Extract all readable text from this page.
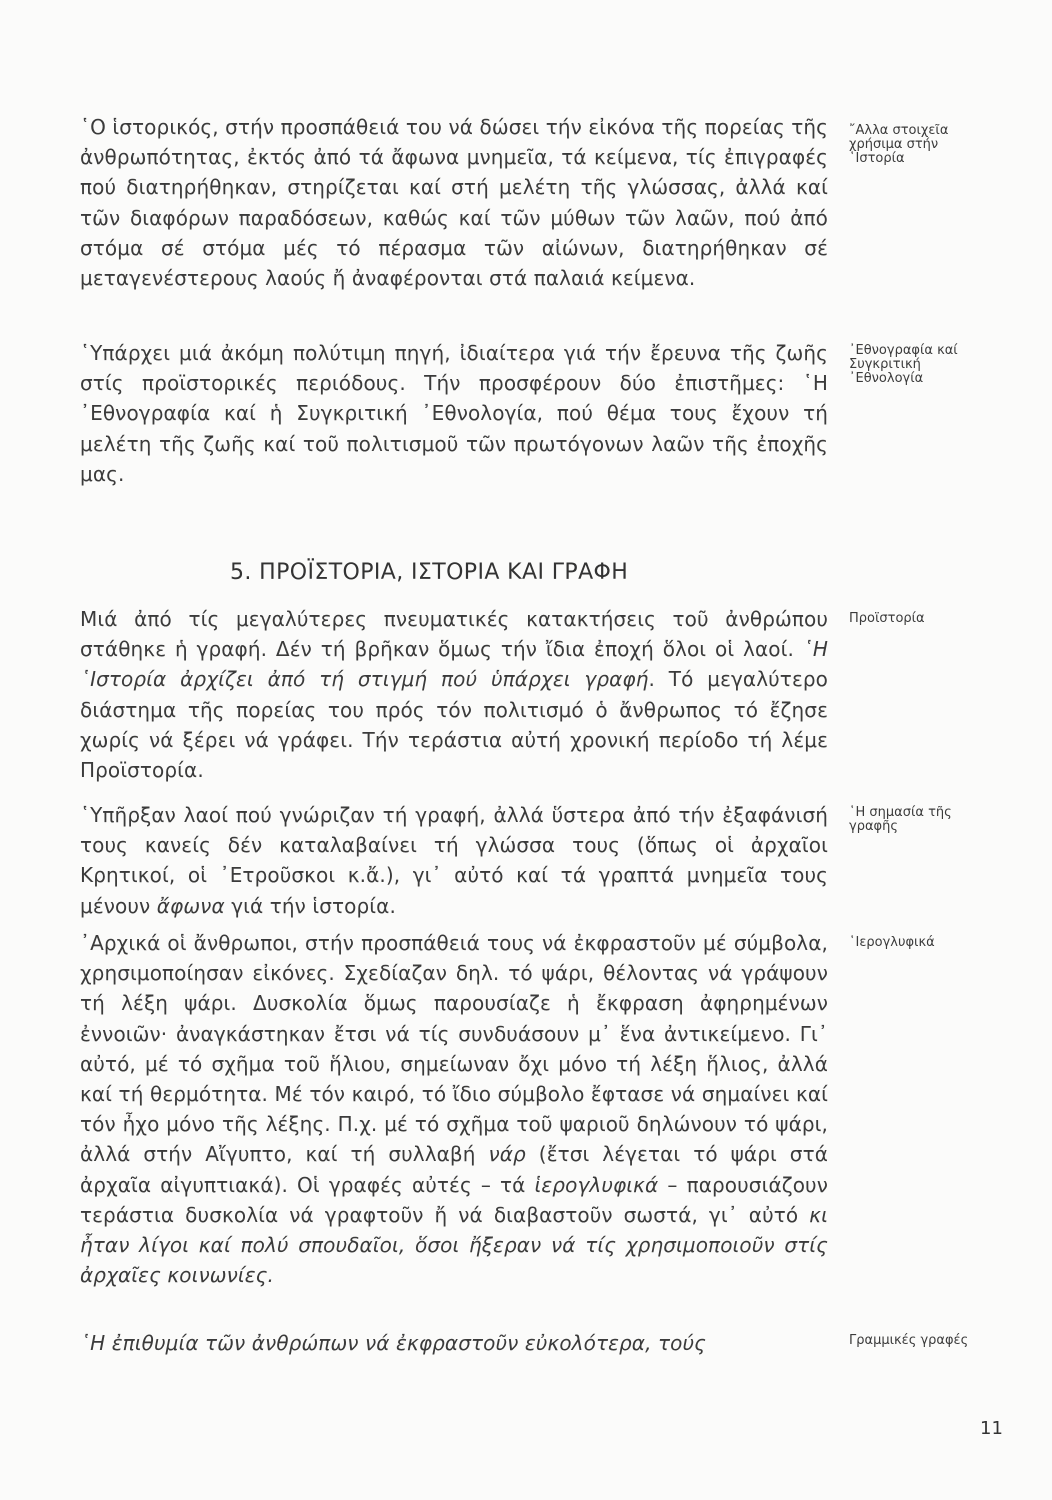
῾Ο ἱστορικός, στήν προσπάθειά του νά δώσει τήν εἰκόνα τῆς πορείας τῆς ἀνθρωπότητας, ἐκτός ἀπό τά ἄφωνα μνημεῖα, τά κείμενα, τίς ἐπιγραφές πού διατηρήθηκαν, στηρίζεται καί στή μελέτη τῆς γλώσσας, ἀλλά καί τῶν διαφόρων παραδόσεων, καθώς καί τῶν μύθων τῶν λαῶν, πού ἀπό στόμα σέ στόμα μές τό πέρασμα τῶν αἰώνων, διατηρήθηκαν σέ μεταγενέστερους λαούς ἤ ἀναφέρονται στά παλαιά κείμενα.

῎Αλλα στοιχεῖα χρήσιμα στήν ῾Ιστορία

῾Υπάρχει μιά ἀκόμη πολύτιμη πηγή, ἰδιαίτερα γιά τήν ἔρευνα τῆς ζωῆς στίς προϊστορικές περιόδους. Τήν προσφέρουν δύο ἐπιστῆμες: ῾Η ᾿Εθνογραφία καί ἡ Συγκριτική ᾿Εθνολογία, πού θέμα τους ἔχουν τή μελέτη τῆς ζωῆς καί τοῦ πολιτισμοῦ τῶν πρωτόγονων λαῶν τῆς ἐποχῆς μας.

᾿Εθνογραφία καί Συγκριτική ᾿Εθνολογία
5. ΠΡΟΪΣΤΟΡΙΑ, ΙΣΤΟΡΙΑ ΚΑΙ ΓΡΑΦΗ

Μιά ἀπό τίς μεγαλύτερες πνευματικές κατακτήσεις τοῦ ἀνθρώπου στάθηκε ἡ γραφή. Δέν τή βρῆκαν ὅμως τήν ἴδια ἐποχή ὅλοι οἱ λαοί. ῾Η ῾Ιστορία ἀρχίζει ἀπό τή στιγμή πού ὑπάρχει γραφή. Τό μεγαλύτερο διάστημα τῆς πορείας του πρός τόν πολιτισμό ὁ ἄνθρωπος τό ἔζησε χωρίς νά ξέρει νά γράφει. Τήν τεράστια αὐτή χρονική περίοδο τή λέμε Προϊστορία.

Προϊστορία

῾Υπῆρξαν λαοί πού γνώριζαν τή γραφή, ἀλλά ὕστερα ἀπό τήν ἐξαφάνισή τους κανείς δέν καταλαβαίνει τή γλώσσα τους (ὅπως οἱ ἀρχαῖοι Κρητικοί, οἱ ᾿Ετροῦσκοι κ.ἄ.), γι᾿ αὐτό καί τά γραπτά μνημεῖα τους μένουν ἄφωνα γιά τήν ἱστορία.

῾Η σημασία τῆς γραφῆς

᾿Αρχικά οἱ ἄνθρωποι, στήν προσπάθειά τους νά ἐκφραστοῦν μέ σύμβολα, χρησιμοποίησαν εἰκόνες. Σχεδίαζαν δηλ. τό ψάρι, θέλοντας νά γράψουν τή λέξη ψάρι. Δυσκολία ὅμως παρουσίαζε ἡ ἔκφραση ἀφηρημένων ἐννοιῶν· ἀναγκάστηκαν ἔτσι νά τίς συνδυάσουν μ᾿ ἕνα ἀντικείμενο. Γι᾿ αὐτό, μέ τό σχῆμα τοῦ ἥλιου, σημείωναν ὄχι μόνο τή λέξη ἥλιος, ἀλλά καί τή θερμότητα. Μέ τόν καιρό, τό ἴδιο σύμβολο ἔφτασε νά σημαίνει καί τόν ἦχο μόνο τῆς λέξης. Π.χ. μέ τό σχῆμα τοῦ ψαριοῦ δηλώνουν τό ψάρι, ἀλλά στήν Αἴγυπτο, καί τή συλλαβή νάρ (ἔτσι λέγεται τό ψάρι στά ἀρχαῖα αἰγυπτιακά). Οἱ γραφές αὐτές – τά ἱερογλυφικά – παρουσιάζουν τεράστια δυσκολία νά γραφτοῦν ἤ νά διαβαστοῦν σωστά, γι᾿ αὐτό κι ἦταν λίγοι καί πολύ σπουδαῖοι, ὅσοι ἤξεραν νά τίς χρησιμοποιοῦν στίς ἀρχαῖες κοινωνίες.

῾Ιερογλυφικά

῾Η ἐπιθυμία τῶν ἀνθρώπων νά ἐκφραστοῦν εὐκολότερα, τούς	Γραμμικές γραφές
11
